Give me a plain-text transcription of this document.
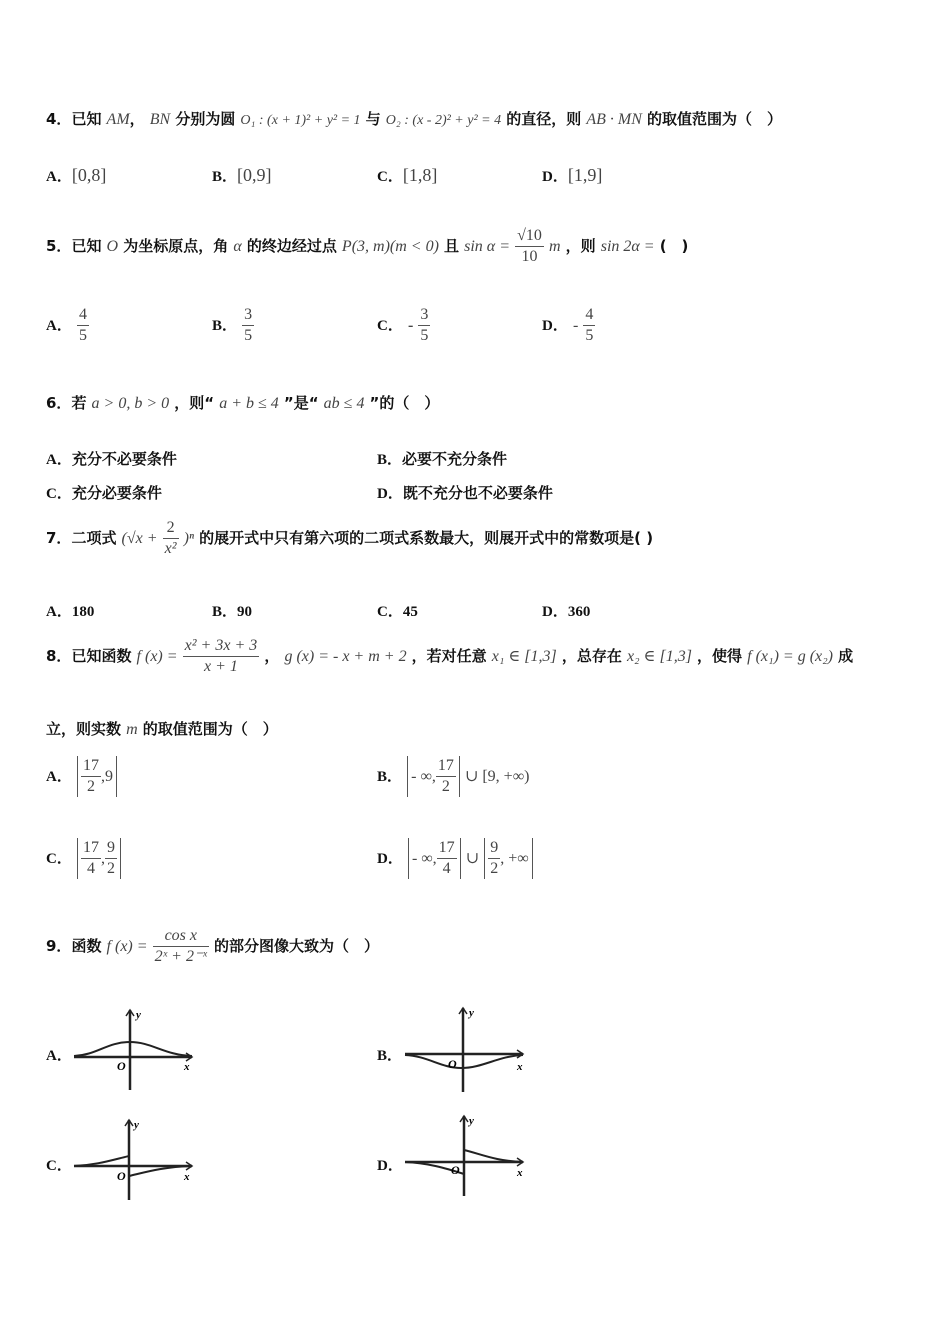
4．已知 AM， BN 分别为圆 O₁ : (x + 1)² + y² = 1 与 O₂ : (x - 2)² + y² = 4 的直径，则 AB · MN 的取值范围为（　）
A．[0,8]	B．[0,9]	C．[1,8]	D．[1,9]
5．已知 O 为坐标原点，角 α 的终边经过点 P(3, m)(m < 0) 且 $\sin \alpha = \frac{√10}{10}$ m ，则 sin 2α = (　)
A． $\frac{4}{5}$	B． $\frac{3}{5}$	C． - $\frac{3}{5}$	D． - $\frac{4}{5}$
6．若 a > 0, b > 0 ，则“ a + b ≤ 4 ”是“ ab ≤ 4 ”的（　）
A．充分不必要条件	B．必要不充分条件
C．充分必要条件	D．既不充分也不必要条件
7．二项式 $(√x + \frac{2}{\text{x²}} )^n$ 的展开式中只有第六项的二项式系数最大，则展开式中的常数项是( )
A．180	B．90	C．45	D．360
8．已知函数 f $(x) = \frac{\text{x² + 3x + 3}}{x + 1}$ ， g (x) = - x + m + 2 ，若对任意 x₁ ∈ [1,3] ，总存在 x₂ ∈ [1,3] ，使得 f (x₁) = g (x₂) 成
立，则实数 m 的取值范围为（　）
A． $\frac{17}{2} ,9$	B． - ∞, $\frac{17}{2}$ ∪ [9, +∞)
C． $\frac{17}{4}$ , $\frac{9}{2}$	D． - ∞, $\frac{17}{4}$ ∪ $\frac{9}{2}$ , +∞
9．函数 f $(x) = \frac{\text{cos x}}{\text{2ˣ + 2⁻ˣ}}$ 的部分图像大致为（　）
A．	B．
C．	D．
y
x
O
y
x
O
y
x
O
y
x
O
